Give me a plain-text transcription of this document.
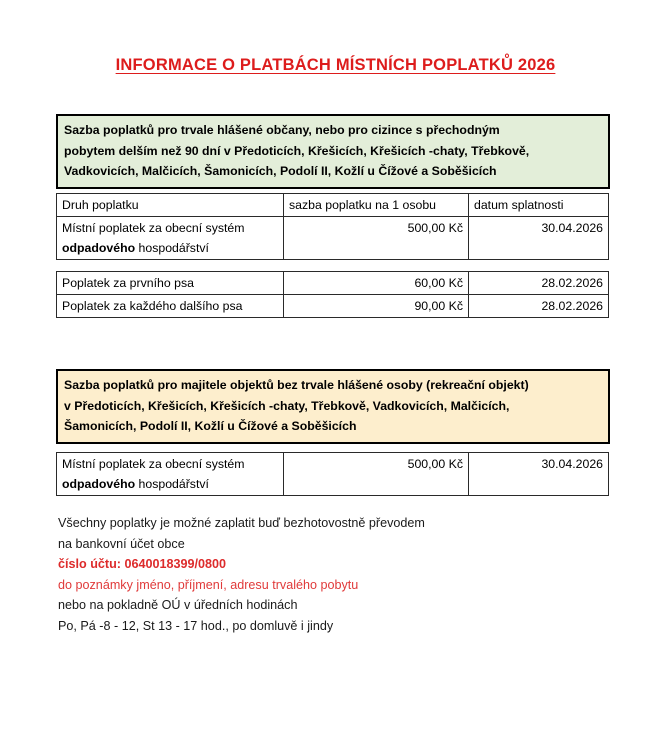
INFORMACE O PLATBÁCH MÍSTNÍCH POPLATKŮ 2026
Sazba poplatků pro trvale hlášené občany, nebo pro cizince s přechodným
pobytem delším než 90 dní v Předoticích, Křešicích, Křešicích -chaty, Třebkově,
Vadkovicích, Malčicích, Šamonicích, Podolí II, Kožlí u Čížové a Soběšicích
Druh poplatku	sazba poplatku na 1 osobu	datum splatnosti
Místní poplatek za obecní systém
odpadového hospodářství	500,00 Kč	30.04.2026
Poplatek za prvního psa	60,00 Kč	28.02.2026
Poplatek za každého dalšího psa	90,00 Kč	28.02.2026
Sazba poplatků pro majitele objektů bez trvale hlášené osoby (rekreační objekt)
v Předoticích, Křešicích, Křešicích -chaty, Třebkově, Vadkovicích, Malčicích,
Šamonicích, Podolí II, Kožlí u Čížové a Soběšicích
Místní poplatek za obecní systém
odpadového hospodářství	500,00 Kč	30.04.2026
Všechny poplatky je možné zaplatit buď bezhotovostně převodem
na bankovní účet obce
číslo účtu: 0640018399/0800
do poznámky jméno, příjmení, adresu trvalého pobytu
nebo na pokladně OÚ v úředních hodinách
Po, Pá -8 - 12, St 13 - 17 hod., po domluvě i jindy
